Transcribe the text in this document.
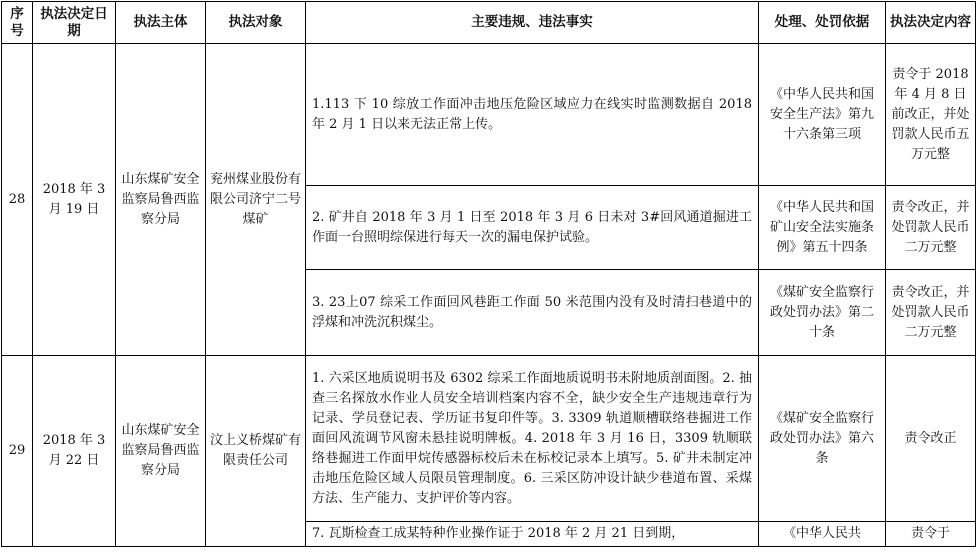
序号	执法决定日期	执法主体	执法对象	主要违规、违法事实	处理、处罚依据	执法决定内容
28	2018 年 3 月 19 日	山东煤矿安全监察局鲁西监察分局	兖州煤业股份有限公司济宁二号煤矿	1.113 下 10 综放工作面冲击地压危险区域应力在线实时监测数据自 2018 年 2 月 1 日以来无法正常上传。	《中华人民共和国安全生产法》第九十六条第三项	责令于 2018 年 4 月 8 日前改正，并处罚款人民币五万元整
				2. 矿井自 2018 年 3 月 1 日至 2018 年 3 月 6 日未对 3#回风通道掘进工作面一台照明综保进行每天一次的漏电保护试验。	《中华人民共和国矿山安全法实施条例》第五十四条	责令改正，并处罚款人民币二万元整
				3. 23上07 综采工作面回风巷距工作面 50 米范围内没有及时清扫巷道中的浮煤和冲洗沉积煤尘。	《煤矿安全监察行政处罚办法》第二十条	责令改正，并处罚款人民币二万元整
29	2018 年 3 月 22 日	山东煤矿安全监察局鲁西监察分局	汶上义桥煤矿有限责任公司	1. 六采区地质说明书及 6302 综采工作面地质说明书未附地质剖面图。2. 抽查三名探放水作业人员安全培训档案内容不全，缺少安全生产违规违章行为记录、学员登记表、学历证书复印件等。3. 3309 轨道顺槽联络巷掘进工作面回风流调节风窗未悬挂说明牌板。4. 2018 年 3 月 16 日，3309 轨顺联络巷掘进工作面甲烷传感器标校后未在标校记录本上填写。5. 矿井未制定冲击地压危险区域人员限员管理制度。6. 三采区防冲设计缺少巷道布置、采煤方法、生产能力、支护评价等内容。	《煤矿安全监察行政处罚办法》第六条	责令改正
				7. 瓦斯检查工成某特种作业操作证于 2018 年 2 月 21 日到期，	《中华人民共	责令于
